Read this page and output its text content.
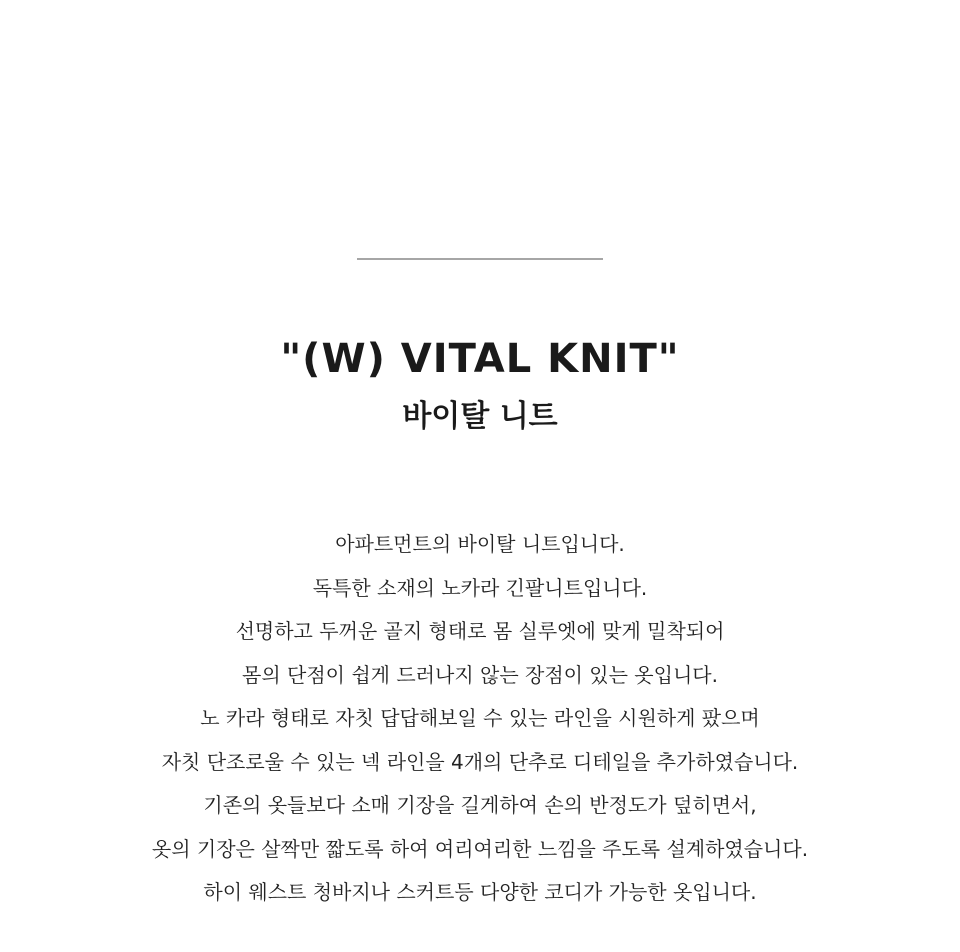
"(W) VITAL KNIT"
바이탈 니트
아파트먼트의 바이탈 니트입니다.
독특한 소재의 노카라 긴팔니트입니다.
선명하고 두꺼운 골지 형태로 몸 실루엣에 맞게 밀착되어
몸의 단점이 쉽게 드러나지 않는 장점이 있는 옷입니다.
노 카라 형태로 자칫 답답해보일 수 있는 라인을 시원하게 팠으며
자칫 단조로울 수 있는 넥 라인을 4개의 단추로 디테일을 추가하였습니다.
기존의 옷들보다 소매 기장을 길게하여 손의 반정도가 덮히면서,
옷의 기장은 살짝만 짧도록 하여 여리여리한 느낌을 주도록 설계하였습니다.
하이 웨스트 청바지나 스커트등 다양한 코디가 가능한 옷입니다.
